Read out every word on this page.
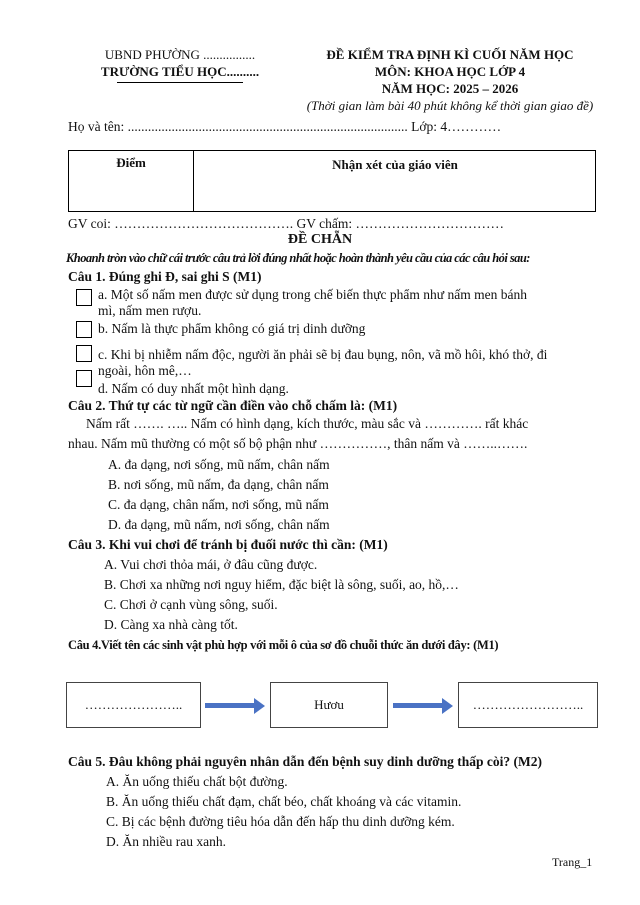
UBND PHƯỜNG ................
TRƯỜNG TIỂU HỌC..........
ĐỀ KIỂM TRA ĐỊNH KÌ CUỐI NĂM HỌC
MÔN: KHOA HỌC LỚP 4
NĂM HỌC: 2025 – 2026
(Thời gian làm bài 40 phút không kể thời gian giao đề)
Họ và tên: ................................................................................... Lớp: 4…………
Điểm	Nhận xét của giáo viên
GV coi: …………………………………. GV chấm: ……………………………
ĐỀ CHẴN
Khoanh tròn vào chữ cái trước câu trả lời đúng nhất hoặc hoàn thành yêu cầu của các câu hỏi sau:
Câu 1. Đúng ghi Đ, sai ghi S (M1)
a. Một số nấm men được sử dụng trong chế biến thực phẩm như nấm men bánh
mì, nấm men rượu.
b. Nấm là thực phẩm không có giá trị dinh dưỡng
c. Khi bị nhiễm nấm độc, người ăn phải sẽ bị đau bụng, nôn, vã mồ hôi, khó thở, đi
ngoài, hôn mê,…
d. Nấm có duy nhất một hình dạng.
Câu 2. Thứ tự các từ ngữ cần điền vào chỗ chấm là: (M1)
Nấm rất ……. ….. Nấm có hình dạng, kích thước, màu sắc và …………. rất khác
nhau. Nấm mũ thường có một số bộ phận như ……………, thân nấm và ……..…….
A. đa dạng, nơi sống, mũ nấm, chân nấm
B. nơi sống, mũ nấm, đa dạng, chân nấm
C. đa dạng, chân nấm, nơi sống, mũ nấm
D. đa dạng, mũ nấm, nơi sống, chân nấm
Câu 3. Khi vui chơi để tránh bị đuối nước thì cần: (M1)
A. Vui chơi thỏa mái, ở đâu cũng được.
B. Chơi xa những nơi nguy hiểm, đặc biệt là sông, suối, ao, hồ,…
C. Chơi ở cạnh vùng sông, suối.
D. Càng xa nhà càng tốt.
Câu 4.Viết tên các sinh vật phù hợp với mỗi ô của sơ đồ chuỗi thức ăn dưới đây: (M1)
…………………..	Hươu	……………………..
Câu 5. Đâu không phải nguyên nhân dẫn đến bệnh suy dinh dưỡng thấp còi? (M2)
A. Ăn uống thiếu chất bột đường.
B. Ăn uống thiếu chất đạm, chất béo, chất khoáng và các vitamin.
C. Bị các bệnh đường tiêu hóa dẫn đến hấp thu dinh dưỡng kém.
D. Ăn nhiều rau xanh.
Trang_1
